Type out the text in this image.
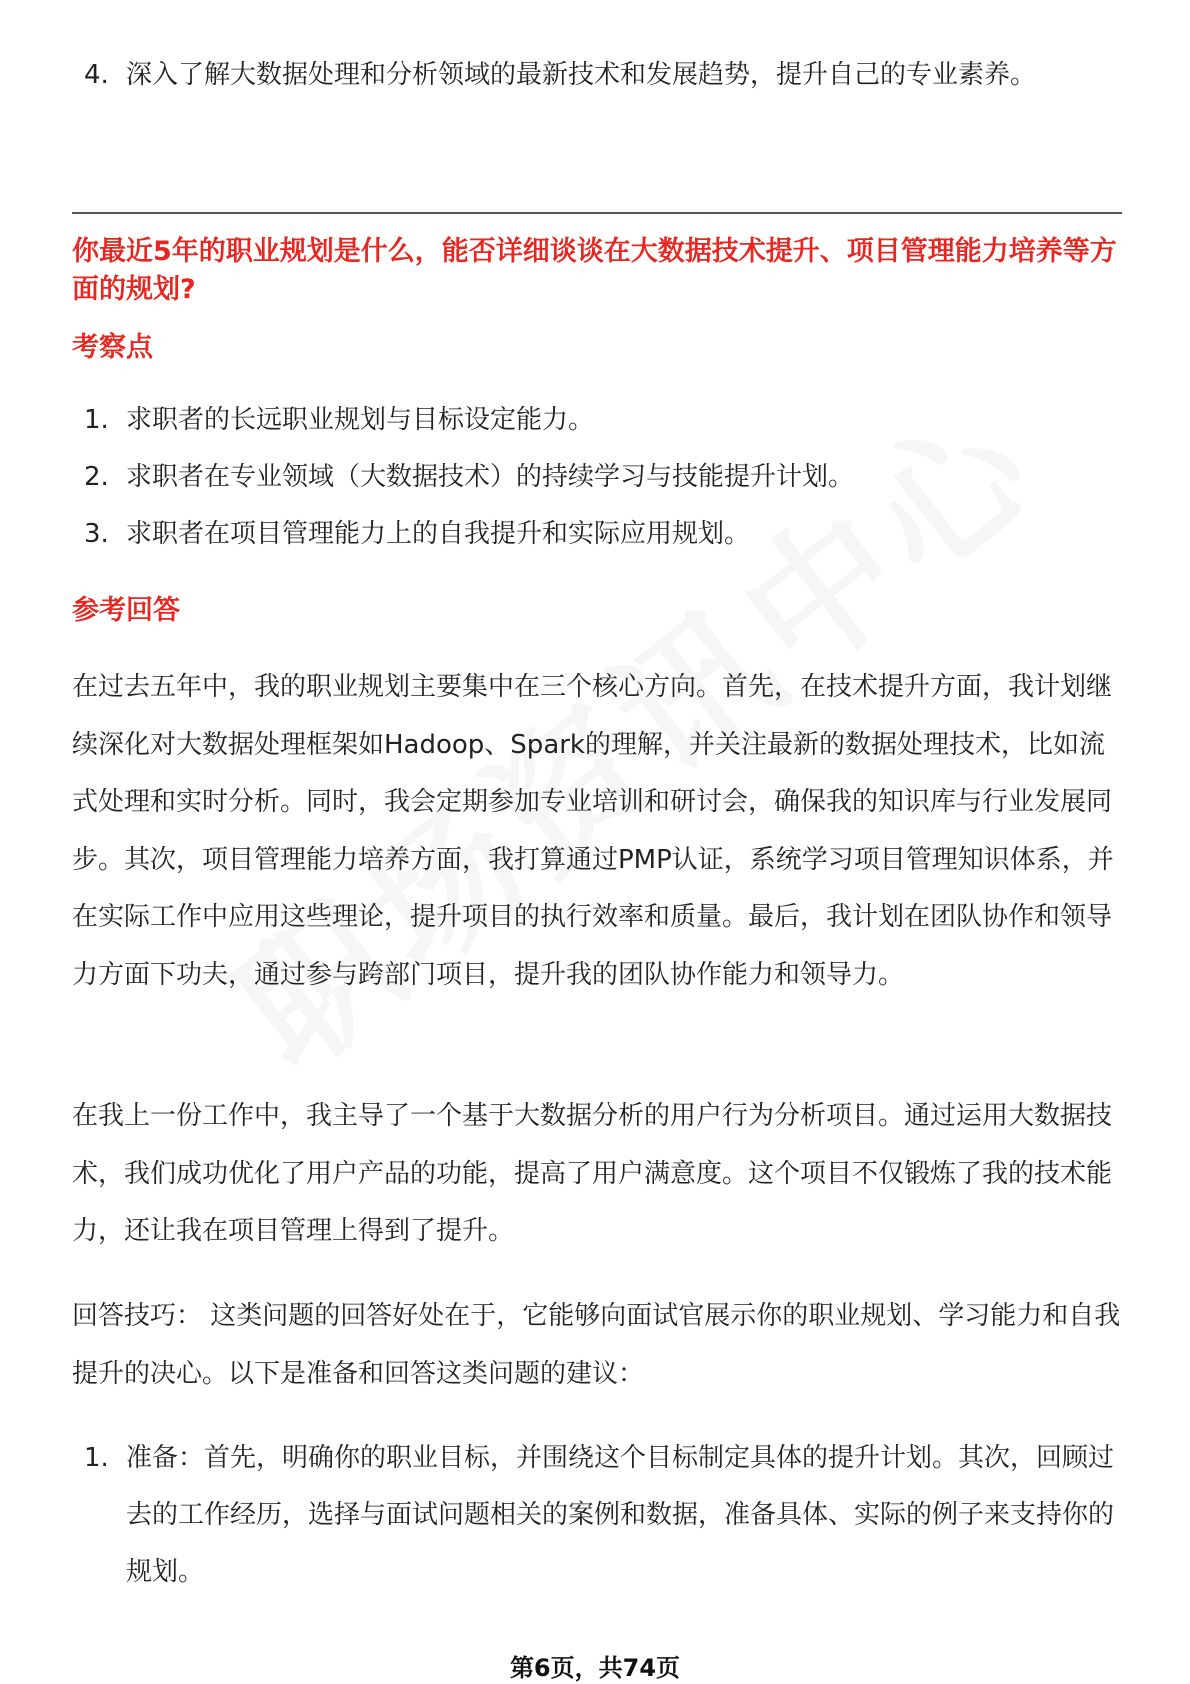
4. 深入了解大数据处理和分析领域的最新技术和发展趋势，提升自己的专业素养。
你最近5年的职业规划是什么，能否详细谈谈在大数据技术提升、项目管理能力培养等方面的规划?
考察点
1. 求职者的长远职业规划与目标设定能力。
2. 求职者在专业领域（大数据技术）的持续学习与技能提升计划。
3. 求职者在项目管理能力上的自我提升和实际应用规划。
参考回答

在过去五年中，我的职业规划主要集中在三个核心方向。首先，在技术提升方面，我计划继续深化对大数据处理框架如Hadoop、Spark的理解，并关注最新的数据处理技术，比如流式处理和实时分析。同时，我会定期参加专业培训和研讨会，确保我的知识库与行业发展同步。其次，项目管理能力培养方面，我打算通过PMP认证，系统学习项目管理知识体系，并在实际工作中应用这些理论，提升项目的执行效率和质量。最后，我计划在团队协作和领导力方面下功夫，通过参与跨部门项目，提升我的团队协作能力和领导力。

在我上一份工作中，我主导了一个基于大数据分析的用户行为分析项目。通过运用大数据技术，我们成功优化了用户产品的功能，提高了用户满意度。这个项目不仅锻炼了我的技术能力，还让我在项目管理上得到了提升。

回答技巧： 这类问题的回答好处在于，它能够向面试官展示你的职业规划、学习能力和自我提升的决心。以下是准备和回答这类问题的建议：

1. 准备：首先，明确你的职业目标，并围绕这个目标制定具体的提升计划。其次，回顾过去的工作经历，选择与面试问题相关的案例和数据，准备具体、实际的例子来支持你的规划。
第6页，共74页
